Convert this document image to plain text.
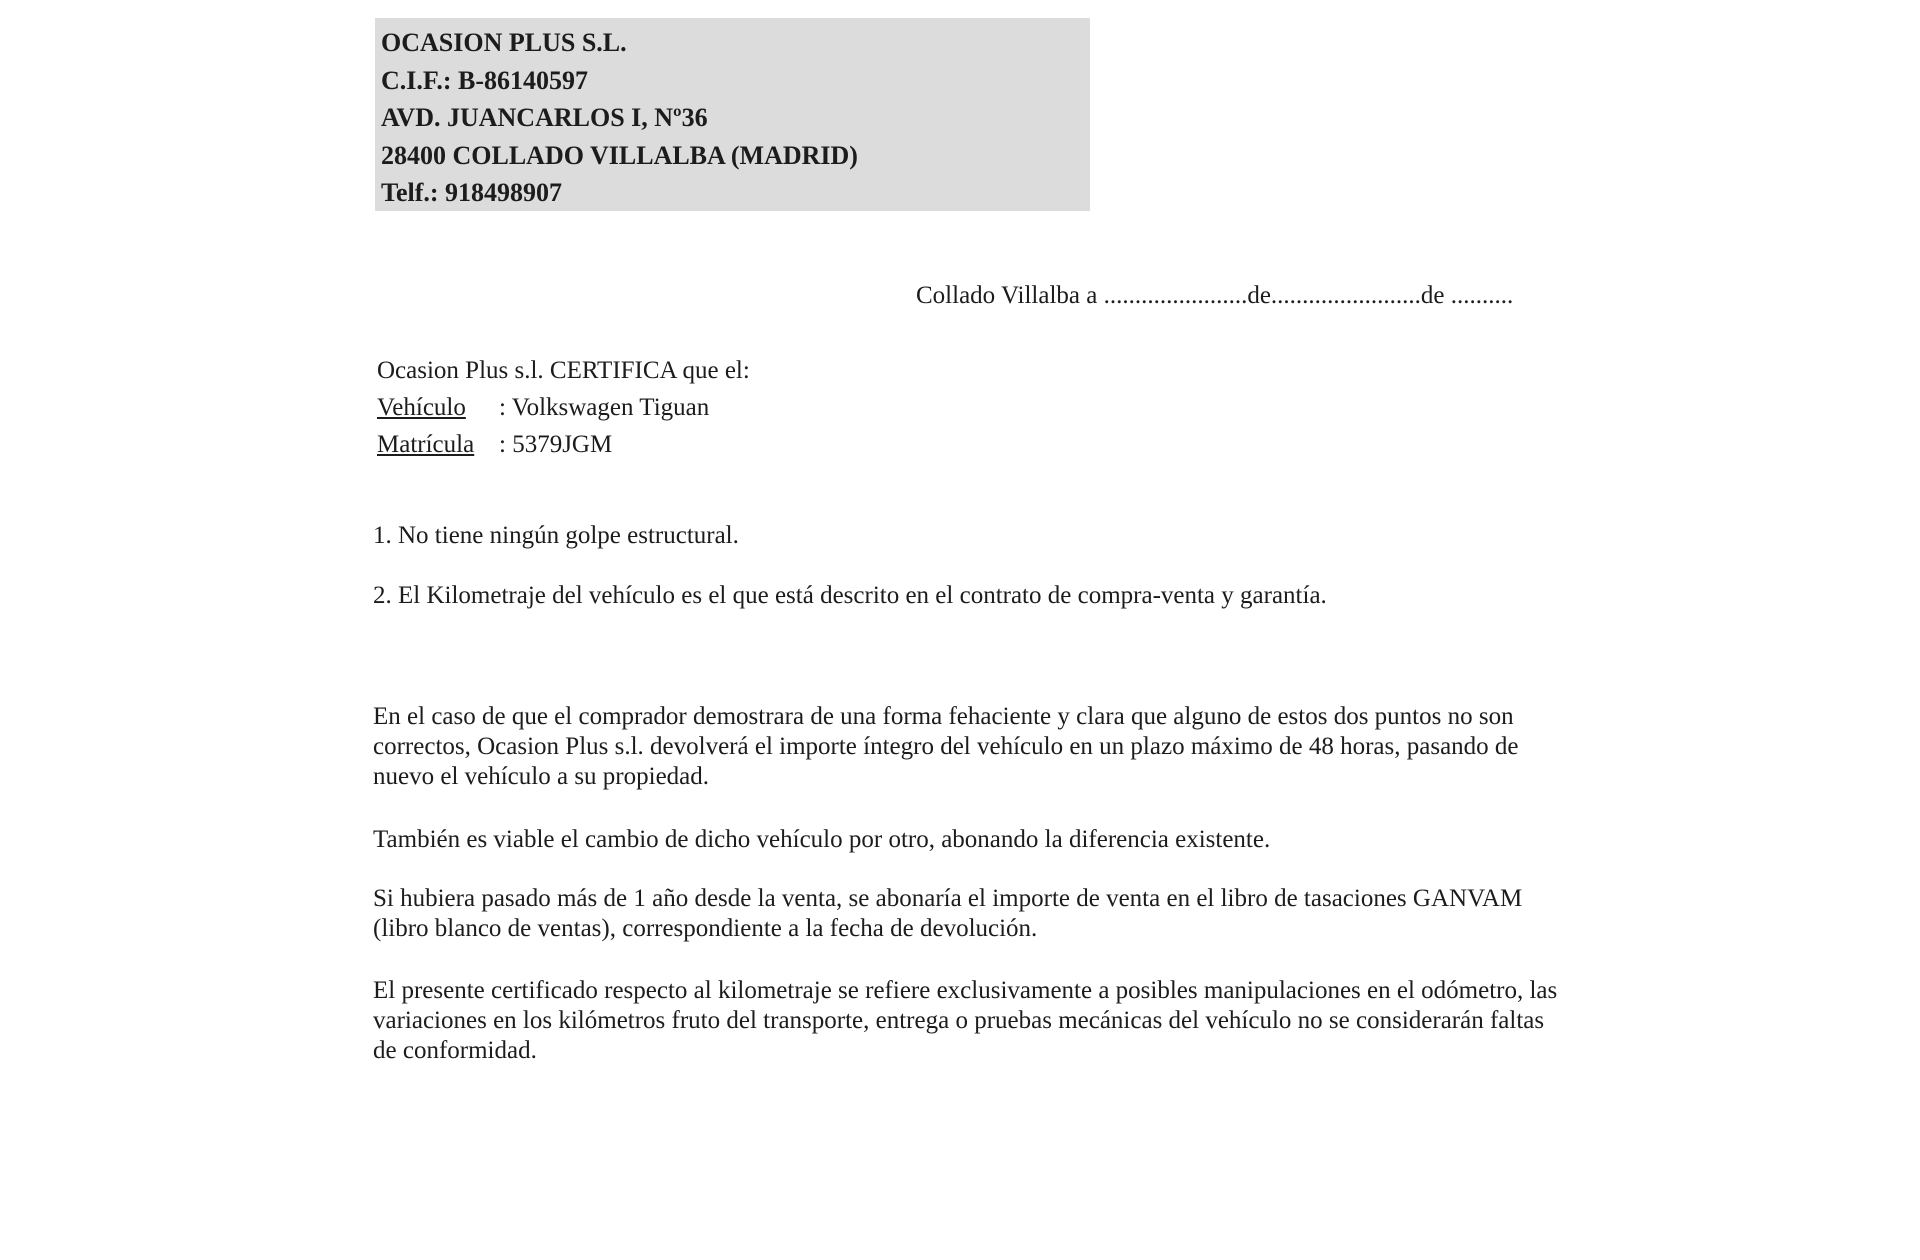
OCASION PLUS S.L.
C.I.F.: B-86140597
AVD. JUANCARLOS I, Nº36
28400 COLLADO VILLALBA (MADRID)
Telf.: 918498907
Collado Villalba a .......................de........................de ..........
Ocasion Plus s.l. CERTIFICA que el:
Vehículo : Volkswagen Tiguan
Matrícula : 5379JGM
1. No tiene ningún golpe estructural.
2. El Kilometraje del vehículo es el que está descrito en el contrato de compra-venta y garantía.
En el caso de que el comprador demostrara de una forma fehaciente y clara que alguno de estos dos puntos no son correctos, Ocasion Plus s.l. devolverá el importe íntegro del vehículo en un plazo máximo de 48 horas, pasando de nuevo el vehículo a su propiedad.
También es viable el cambio de dicho vehículo por otro, abonando la diferencia existente.
Si hubiera pasado más de 1 año desde la venta, se abonaría el importe de venta en el libro de tasaciones GANVAM (libro blanco de ventas), correspondiente a la fecha de devolución.
El presente certificado respecto al kilometraje se refiere exclusivamente a posibles manipulaciones en el odómetro, las variaciones en los kilómetros fruto del transporte, entrega o pruebas mecánicas del vehículo no se considerarán faltas de conformidad.
